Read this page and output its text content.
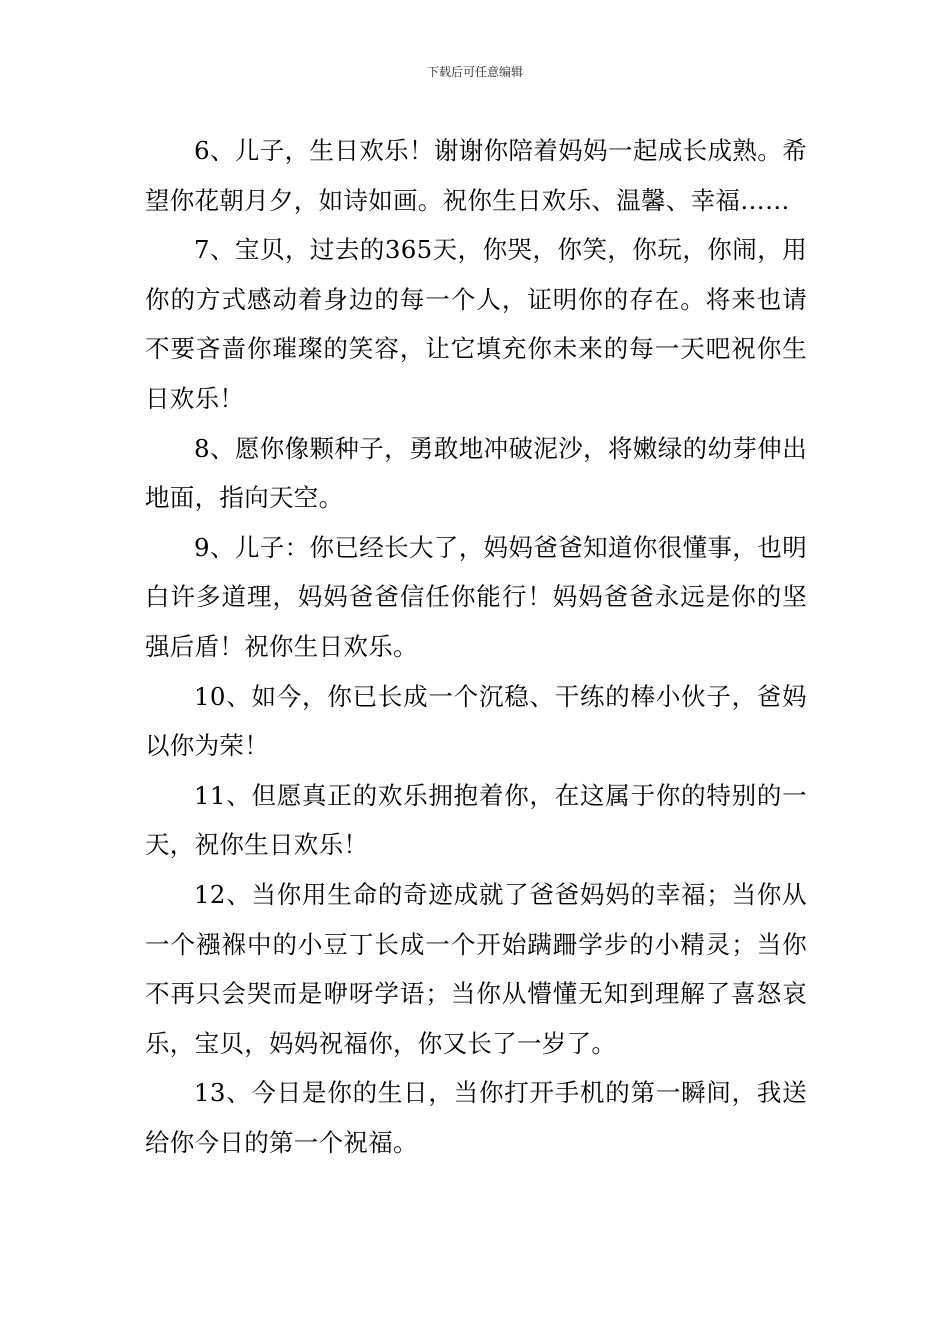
下载后可任意编辑

6、儿子，生日欢乐！谢谢你陪着妈妈一起成长成熟。希望你花朝月夕，如诗如画。祝你生日欢乐、温馨、幸福……

7、宝贝，过去的365天，你哭，你笑，你玩，你闹，用你的方式感动着身边的每一个人，证明你的存在。将来也请不要吝啬你璀璨的笑容，让它填充你未来的每一天吧祝你生日欢乐！

8、愿你像颗种子，勇敢地冲破泥沙，将嫩绿的幼芽伸出地面，指向天空。

9、儿子：你已经长大了，妈妈爸爸知道你很懂事，也明白许多道理，妈妈爸爸信任你能行！妈妈爸爸永远是你的坚强后盾！祝你生日欢乐。

10、如今，你已长成一个沉稳、干练的棒小伙子，爸妈以你为荣！

11、但愿真正的欢乐拥抱着你，在这属于你的特别的一天，祝你生日欢乐！

12、当你用生命的奇迹成就了爸爸妈妈的幸福；当你从一个襁褓中的小豆丁长成一个开始蹒跚学步的小精灵；当你不再只会哭而是咿呀学语；当你从懵懂无知到理解了喜怒哀乐，宝贝，妈妈祝福你，你又长了一岁了。

13、今日是你的生日，当你打开手机的第一瞬间，我送给你今日的第一个祝福。
